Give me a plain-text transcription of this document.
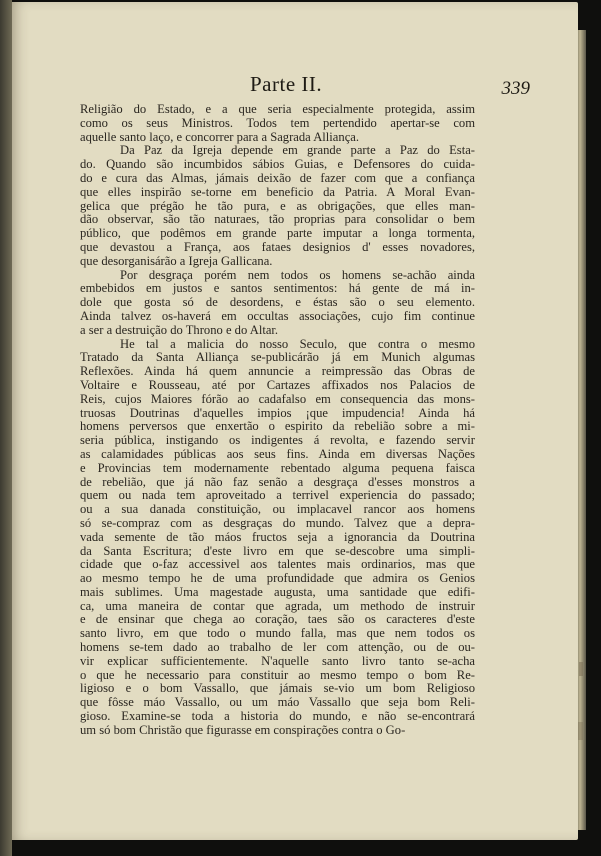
Parte II.	339
Religião do Estado, e a que seria especialmente protegida, assim
como os seus Ministros. Todos tem pertendido apertar-se com
aquelle santo laço, e concorrer para a Sagrada Alliança.
Da Paz da Igreja depende em grande parte a Paz do Esta-
do. Quando são incumbidos sábios Guias, e Defensores do cuida-
do e cura das Almas, jámais deixão de fazer com que a confiança
que elles inspirão se-torne em beneficio da Patria. A Moral Evan-
gelica que prégão he tão pura, e as obrigações, que elles man-
dão observar, são tão naturaes, tão proprias para consolidar o bem
público, que podêmos em grande parte imputar a longa tormenta,
que devastou a França, aos fataes designios d' esses novadores,
que desorganisárão a Igreja Gallicana.
Por desgraça porém nem todos os homens se-achão ainda
embebidos em justos e santos sentimentos: há gente de má in-
dole que gosta só de desordens, e éstas são o seu elemento.
Ainda talvez os-haverá em occultas associações, cujo fim continue
a ser a destruição do Throno e do Altar.
He tal a malicia do nosso Seculo, que contra o mesmo
Tratado da Santa Alliança se-publicárão já em Munich algumas
Reflexões. Ainda há quem annuncie a reimpressão das Obras de
Voltaire e Rousseau, até por Cartazes affixados nos Palacios de
Reis, cujos Maiores fórão ao cadafalso em consequencia das mons-
truosas Doutrinas d'aquelles impios ¡que impudencia! Ainda há
homens perversos que enxertão o espirito da rebelião sobre a mi-
seria pública, instigando os indigentes á revolta, e fazendo servir
as calamidades públicas aos seus fins. Ainda em diversas Nações
e Provincias tem modernamente rebentado alguma pequena faisca
de rebelião, que já não faz senão a desgraça d'esses monstros a
quem ou nada tem aproveitado a terrivel experiencia do passado;
ou a sua danada constituição, ou implacavel rancor aos homens
só se-compraz com as desgraças do mundo. Talvez que a depra-
vada semente de tão máos fructos seja a ignorancia da Doutrina
da Santa Escritura; d'este livro em que se-descobre uma simpli-
cidade que o-faz accessivel aos talentes mais ordinarios, mas que
ao mesmo tempo he de uma profundidade que admira os Genios
mais sublimes. Uma magestade augusta, uma santidade que edifi-
ca, uma maneira de contar que agrada, um methodo de instruir
e de ensinar que chega ao coração, taes são os caracteres d'este
santo livro, em que todo o mundo falla, mas que nem todos os
homens se-tem dado ao trabalho de ler com attenção, ou de ou-
vir explicar sufficientemente. N'aquelle santo livro tanto se-acha
o que he necessario para constituir ao mesmo tempo o bom Re-
ligioso e o bom Vassallo, que jámais se-vio um bom Religioso
que fôsse máo Vassallo, ou um máo Vassallo que seja bom Reli-
gioso. Examine-se toda a historia do mundo, e não se-encontrará
um só bom Christão que figurasse em conspirações contra o Go-
